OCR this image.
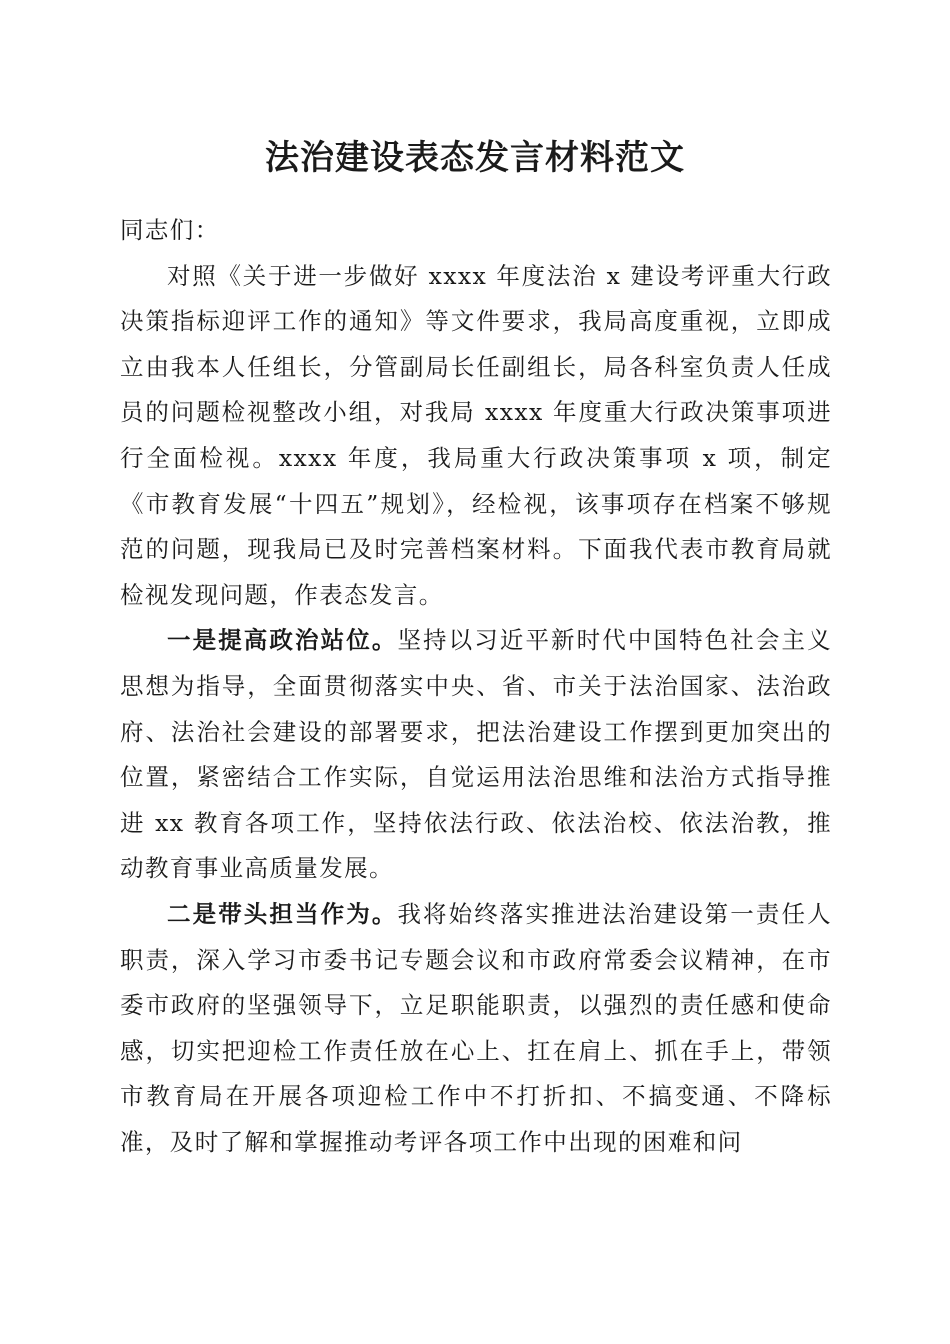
法治建设表态发言材料范文

同志们：

对照《关于进一步做好 xxxx 年度法治 x 建设考评重大行政决策指标迎评工作的通知》等文件要求，我局高度重视，立即成立由我本人任组长，分管副局长任副组长，局各科室负责人任成员的问题检视整改小组，对我局 xxxx 年度重大行政决策事项进行全面检视。xxxx 年度，我局重大行政决策事项 x 项，制定《市教育发展“十四五”规划》，经检视，该事项存在档案不够规范的问题，现我局已及时完善档案材料。下面我代表市教育局就检视发现问题，作表态发言。

一是提高政治站位。坚持以习近平新时代中国特色社会主义思想为指导，全面贯彻落实中央、省、市关于法治国家、法治政府、法治社会建设的部署要求，把法治建设工作摆到更加突出的位置，紧密结合工作实际，自觉运用法治思维和法治方式指导推进 xx 教育各项工作，坚持依法行政、依法治校、依法治教，推动教育事业高质量发展。

二是带头担当作为。我将始终落实推进法治建设第一责任人职责，深入学习市委书记专题会议和市政府常委会议精神，在市委市政府的坚强领导下，立足职能职责，以强烈的责任感和使命感，切实把迎检工作责任放在心上、扛在肩上、抓在手上，带领市教育局在开展各项迎检工作中不打折扣、不搞变通、不降标准，及时了解和掌握推动考评各项工作中出现的困难和问
